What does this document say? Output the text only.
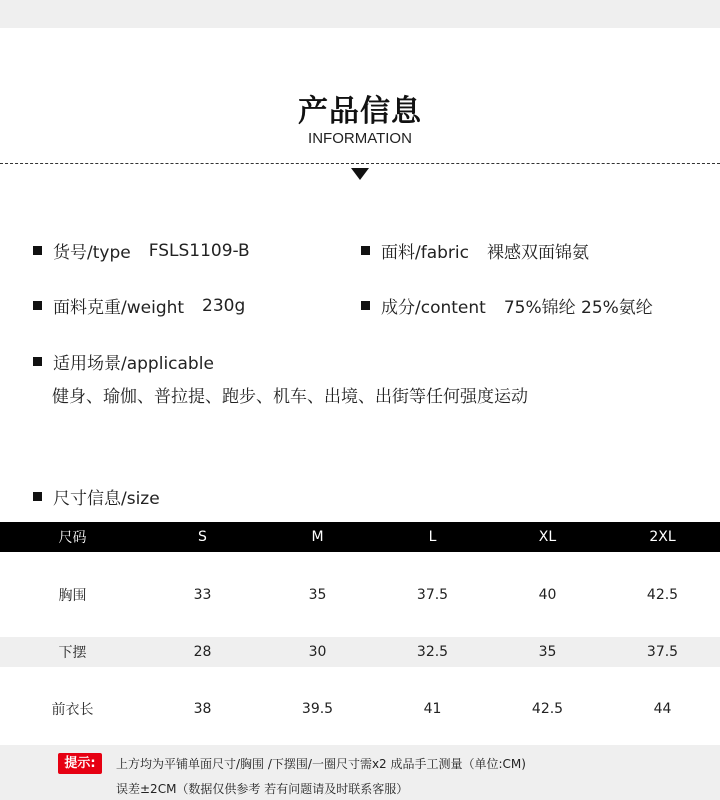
产品信息
INFORMATION
货号/type FSLS1109-B	面料/fabric 裸感双面锦氨
面料克重/weight 230g	成分/content 75%锦纶 25%氨纶
适用场景/applicable
健身、瑜伽、普拉提、跑步、机车、出境、出街等任何强度运动
尺寸信息/size
尺码	S	M	L	XL	2XL
胸围	33	35	37.5	40	42.5
下摆	28	30	32.5	35	37.5
前衣长	38	39.5	41	42.5	44
提示:	上方均为平铺单面尺寸/胸围 /下摆围/一圈尺寸需x2 成品手工测量（单位:CM)
误差±2CM（数据仅供参考 若有问题请及时联系客服）
